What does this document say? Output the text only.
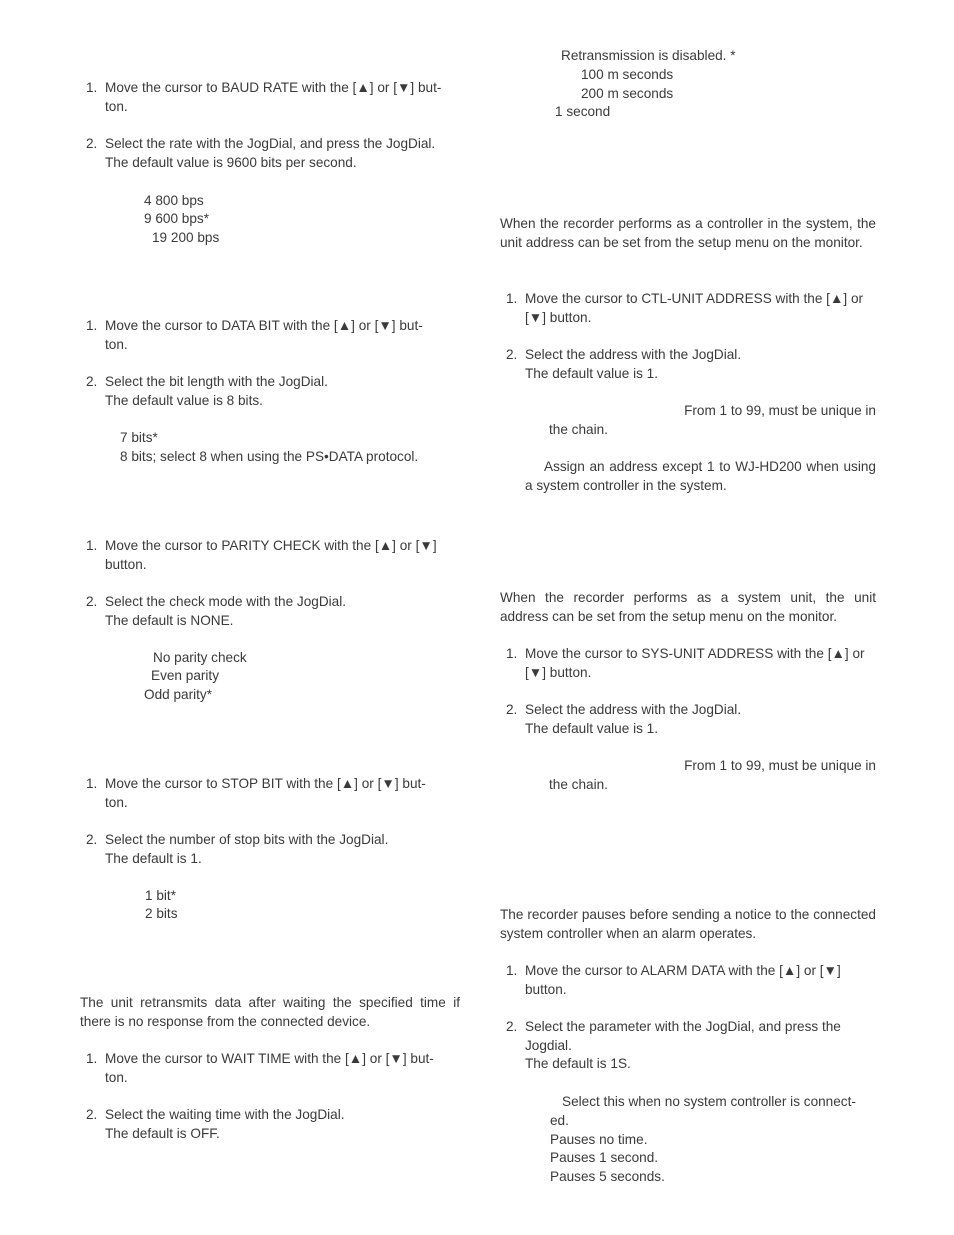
1. Move the cursor to BAUD RATE with the [▲] or [▼] but-
ton.
2. Select the rate with the JogDial, and press the JogDial.
The default value is 9600 bits per second.
4 800 bps
9 600 bps*
19 200 bps
1. Move the cursor to DATA BIT with the [▲] or [▼] but-
ton.
2. Select the bit length with the JogDial.
The default value is 8 bits.
7 bits*
8 bits; select 8 when using the PS•DATA protocol.
1. Move the cursor to PARITY CHECK with the [▲] or [▼]
button.
2. Select the check mode with the JogDial.
The default is NONE.
No parity check
Even parity
Odd parity*
1. Move the cursor to STOP BIT with the [▲] or [▼] but-
ton.
2. Select the number of stop bits with the JogDial.
The default is 1.
1 bit*
2 bits
The unit retransmits data after waiting the specified time if there is no response from the connected device.
1. Move the cursor to WAIT TIME with the [▲] or [▼] but-
ton.
2. Select the waiting time with the JogDial.
The default is OFF.
Retransmission is disabled. *
100 m seconds
200 m seconds
1 second
When the recorder performs as a controller in the system, the unit address can be set from the setup menu on the monitor.
1. Move the cursor to CTL-UNIT ADDRESS with the [▲] or
[▼] button.
2. Select the address with the JogDial.
The default value is 1.
From 1 to 99, must be unique in
the chain.
Assign an address except 1 to WJ-HD200 when using a system controller in the system.
When the recorder performs as a system unit, the unit address can be set from the setup menu on the monitor.
1. Move the cursor to SYS-UNIT ADDRESS with the [▲] or
[▼] button.
2. Select the address with the JogDial.
The default value is 1.
From 1 to 99, must be unique in
the chain.
The recorder pauses before sending a notice to the connected system controller when an alarm operates.
1. Move the cursor to ALARM DATA with the [▲] or [▼]
button.
2. Select the parameter with the JogDial, and press the
Jogdial.
The default is 1S.
Select this when no system controller is connect-
ed.
Pauses no time.
Pauses 1 second.
Pauses 5 seconds.
